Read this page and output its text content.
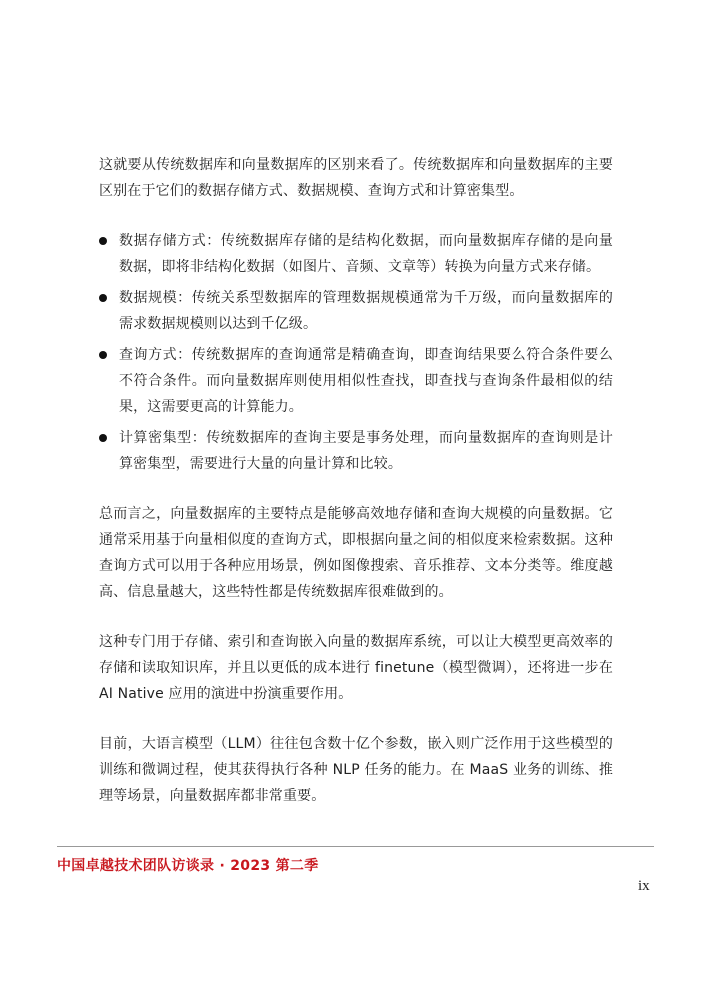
这就要从传统数据库和向量数据库的区别来看了。传统数据库和向量数据库的主要区别在于它们的数据存储方式、数据规模、查询方式和计算密集型。

数据存储方式：传统数据库存储的是结构化数据，而向量数据库存储的是向量数据，即将非结构化数据（如图片、音频、文章等）转换为向量方式来存储。
数据规模：传统关系型数据库的管理数据规模通常为千万级，而向量数据库的需求数据规模则以达到千亿级。
查询方式：传统数据库的查询通常是精确查询，即查询结果要么符合条件要么不符合条件。而向量数据库则使用相似性查找，即查找与查询条件最相似的结果，这需要更高的计算能力。
计算密集型：传统数据库的查询主要是事务处理，而向量数据库的查询则是计算密集型，需要进行大量的向量计算和比较。

总而言之，向量数据库的主要特点是能够高效地存储和查询大规模的向量数据。它通常采用基于向量相似度的查询方式，即根据向量之间的相似度来检索数据。这种查询方式可以用于各种应用场景，例如图像搜索、音乐推荐、文本分类等。维度越高、信息量越大，这些特性都是传统数据库很难做到的。

这种专门用于存储、索引和查询嵌入向量的数据库系统，可以让大模型更高效率的存储和读取知识库，并且以更低的成本进行 finetune（模型微调），还将进一步在 AI Native 应用的演进中扮演重要作用。

目前，大语言模型（LLM）往往包含数十亿个参数，嵌入则广泛作用于这些模型的训练和微调过程，使其获得执行各种 NLP 任务的能力。在 MaaS 业务的训练、推理等场景，向量数据库都非常重要。

中国卓越技术团队访谈录 · 2023 第二季
ix
